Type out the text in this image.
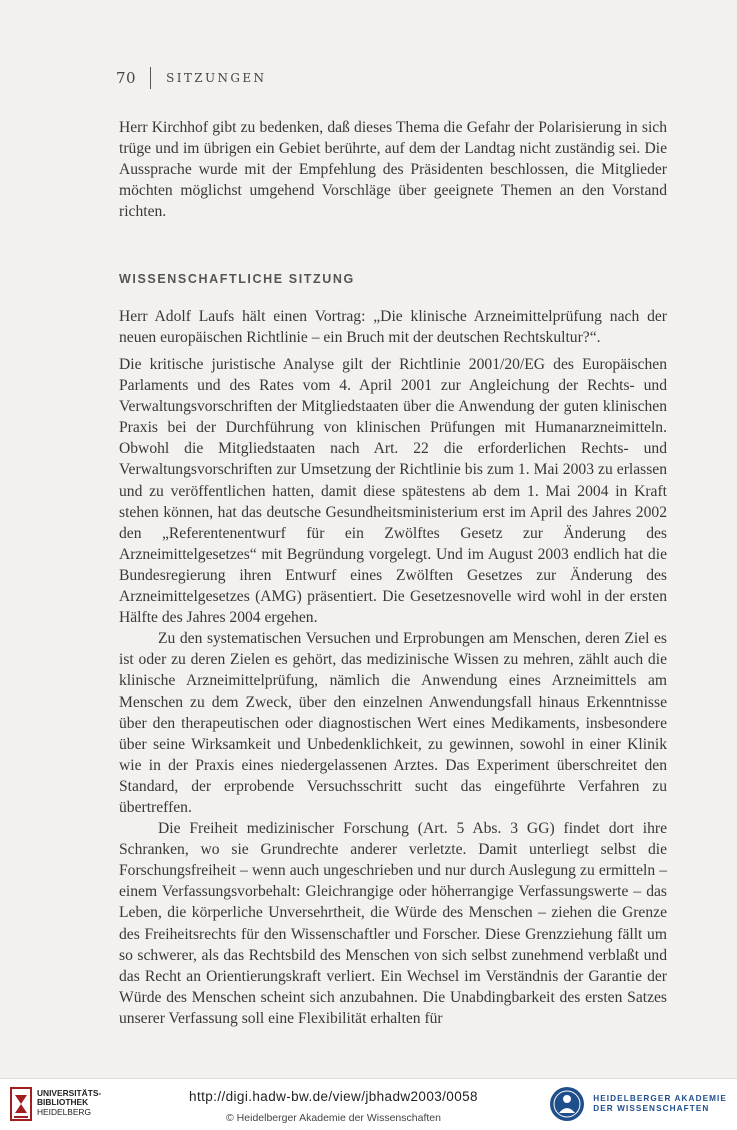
70	SITZUNGEN

Herr Kirchhof gibt zu bedenken, daß dieses Thema die Gefahr der Polarisierung in sich trüge und im übrigen ein Gebiet berührte, auf dem der Landtag nicht zuständig sei. Die Aussprache wurde mit der Empfehlung des Präsidenten beschlossen, die Mitglieder möchten möglichst umgehend Vorschläge über geeignete Themen an den Vorstand richten.

WISSENSCHAFTLICHE SITZUNG

Herr Adolf Laufs hält einen Vortrag: „Die klinische Arzneimittelprüfung nach der neuen europäischen Richtlinie – ein Bruch mit der deutschen Rechtskultur?“.

Die kritische juristische Analyse gilt der Richtlinie 2001/20/EG des Europäischen Parlaments und des Rates vom 4. April 2001 zur Angleichung der Rechts- und Verwaltungsvorschriften der Mitgliedstaaten über die Anwendung der guten klinischen Praxis bei der Durchführung von klinischen Prüfungen mit Humanarzneimitteln. Obwohl die Mitgliedstaaten nach Art. 22 die erforderlichen Rechts- und Verwaltungsvorschriften zur Umsetzung der Richtlinie bis zum 1. Mai 2003 zu erlassen und zu veröffentlichen hatten, damit diese spätestens ab dem 1. Mai 2004 in Kraft stehen können, hat das deutsche Gesundheitsministerium erst im April des Jahres 2002 den „Referentenentwurf für ein Zwölftes Gesetz zur Änderung des Arzneimittelgesetzes“ mit Begründung vorgelegt. Und im August 2003 endlich hat die Bundesregierung ihren Entwurf eines Zwölften Gesetzes zur Änderung des Arzneimittelgesetzes (AMG) präsentiert. Die Gesetzesnovelle wird wohl in der ersten Hälfte des Jahres 2004 ergehen.

Zu den systematischen Versuchen und Erprobungen am Menschen, deren Ziel es ist oder zu deren Zielen es gehört, das medizinische Wissen zu mehren, zählt auch die klinische Arzneimittelprüfung, nämlich die Anwendung eines Arzneimittels am Menschen zu dem Zweck, über den einzelnen Anwendungsfall hinaus Erkenntnisse über den therapeutischen oder diagnostischen Wert eines Medikaments, insbesondere über seine Wirksamkeit und Unbedenklichkeit, zu gewinnen, sowohl in einer Klinik wie in der Praxis eines niedergelassenen Arztes. Das Experiment überschreitet den Standard, der erprobende Versuchsschritt sucht das eingeführte Verfahren zu übertreffen.

Die Freiheit medizinischer Forschung (Art. 5 Abs. 3 GG) findet dort ihre Schranken, wo sie Grundrechte anderer verletzte. Damit unterliegt selbst die Forschungsfreiheit – wenn auch ungeschrieben und nur durch Auslegung zu ermitteln – einem Verfassungsvorbehalt: Gleichrangige oder höherrangige Verfassungswerte – das Leben, die körperliche Unversehrtheit, die Würde des Menschen – ziehen die Grenze des Freiheitsrechts für den Wissenschaftler und Forscher. Diese Grenzziehung fällt um so schwerer, als das Rechtsbild des Menschen von sich selbst zunehmend verblaßt und das Recht an Orientierungskraft verliert. Ein Wechsel im Verständnis der Garantie der Würde des Menschen scheint sich anzubahnen. Die Unabdingbarkeit des ersten Satzes unserer Verfassung soll eine Flexibilität erhalten für

UNIVERSITÄTS-
BIBLIOTHEK
HEIDELBERG
http://digi.hadw-bw.de/view/jbhadw2003/0058
© Heidelberger Akademie der Wissenschaften
HEIDELBERGER AKADEMIE
DER WISSENSCHAFTEN
